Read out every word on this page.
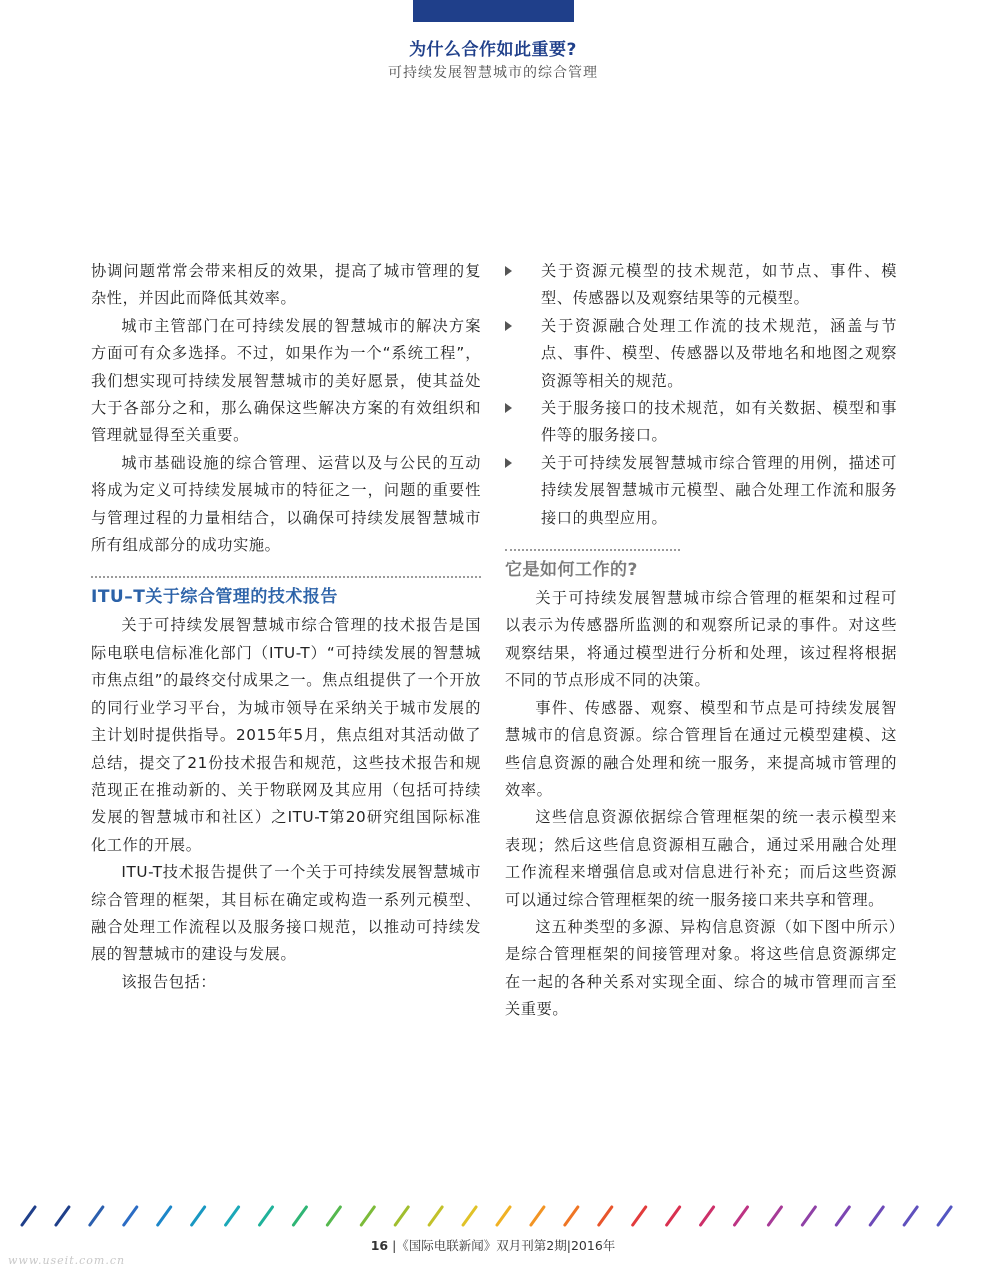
为什么合作如此重要?
可持续发展智慧城市的综合管理

协调问题常常会带来相反的效果，提高了城市管理的复杂性，并因此而降低其效率。

城市主管部门在可持续发展的智慧城市的解决方案方面可有众多选择。不过，如果作为一个“系统工程”，我们想实现可持续发展智慧城市的美好愿景，使其益处大于各部分之和，那么确保这些解决方案的有效组织和管理就显得至关重要。

城市基础设施的综合管理、运营以及与公民的互动将成为定义可持续发展城市的特征之一，问题的重要性与管理过程的力量相结合，以确保可持续发展智慧城市所有组成部分的成功实施。

ITU–T关于综合管理的技术报告

关于可持续发展智慧城市综合管理的技术报告是国际电联电信标准化部门（ITU-T）“可持续发展的智慧城市焦点组”的最终交付成果之一。焦点组提供了一个开放的同行业学习平台，为城市领导在采纳关于城市发展的主计划时提供指导。2015年5月，焦点组对其活动做了总结，提交了21份技术报告和规范，这些技术报告和规范现正在推动新的、关于物联网及其应用（包括可持续发展的智慧城市和社区）之ITU-T第20研究组国际标准化工作的开展。

ITU-T技术报告提供了一个关于可持续发展智慧城市综合管理的框架，其目标在确定或构造一系列元模型、融合处理工作流程以及服务接口规范，以推动可持续发展的智慧城市的建设与发展。

该报告包括：

关于资源元模型的技术规范，如节点、事件、模型、传感器以及观察结果等的元模型。

关于资源融合处理工作流的技术规范，涵盖与节点、事件、模型、传感器以及带地名和地图之观察资源等相关的规范。

关于服务接口的技术规范，如有关数据、模型和事件等的服务接口。

关于可持续发展智慧城市综合管理的用例，描述可持续发展智慧城市元模型、融合处理工作流和服务接口的典型应用。

它是如何工作的?

关于可持续发展智慧城市综合管理的框架和过程可以表示为传感器所监测的和观察所记录的事件。对这些观察结果，将通过模型进行分析和处理，该过程将根据不同的节点形成不同的决策。

事件、传感器、观察、模型和节点是可持续发展智慧城市的信息资源。综合管理旨在通过元模型建模、这些信息资源的融合处理和统一服务，来提高城市管理的效率。

这些信息资源依据综合管理框架的统一表示模型来表现；然后这些信息资源相互融合，通过采用融合处理工作流程来增强信息或对信息进行补充；而后这些资源可以通过综合管理框架的统一服务接口来共享和管理。

这五种类型的多源、异构信息资源（如下图中所示）是综合管理框架的间接管理对象。将这些信息资源绑定在一起的各种关系对实现全面、综合的城市管理而言至关重要。

16 |《国际电联新闻》双月刊第2期|2016年
www.useit.com.cn
